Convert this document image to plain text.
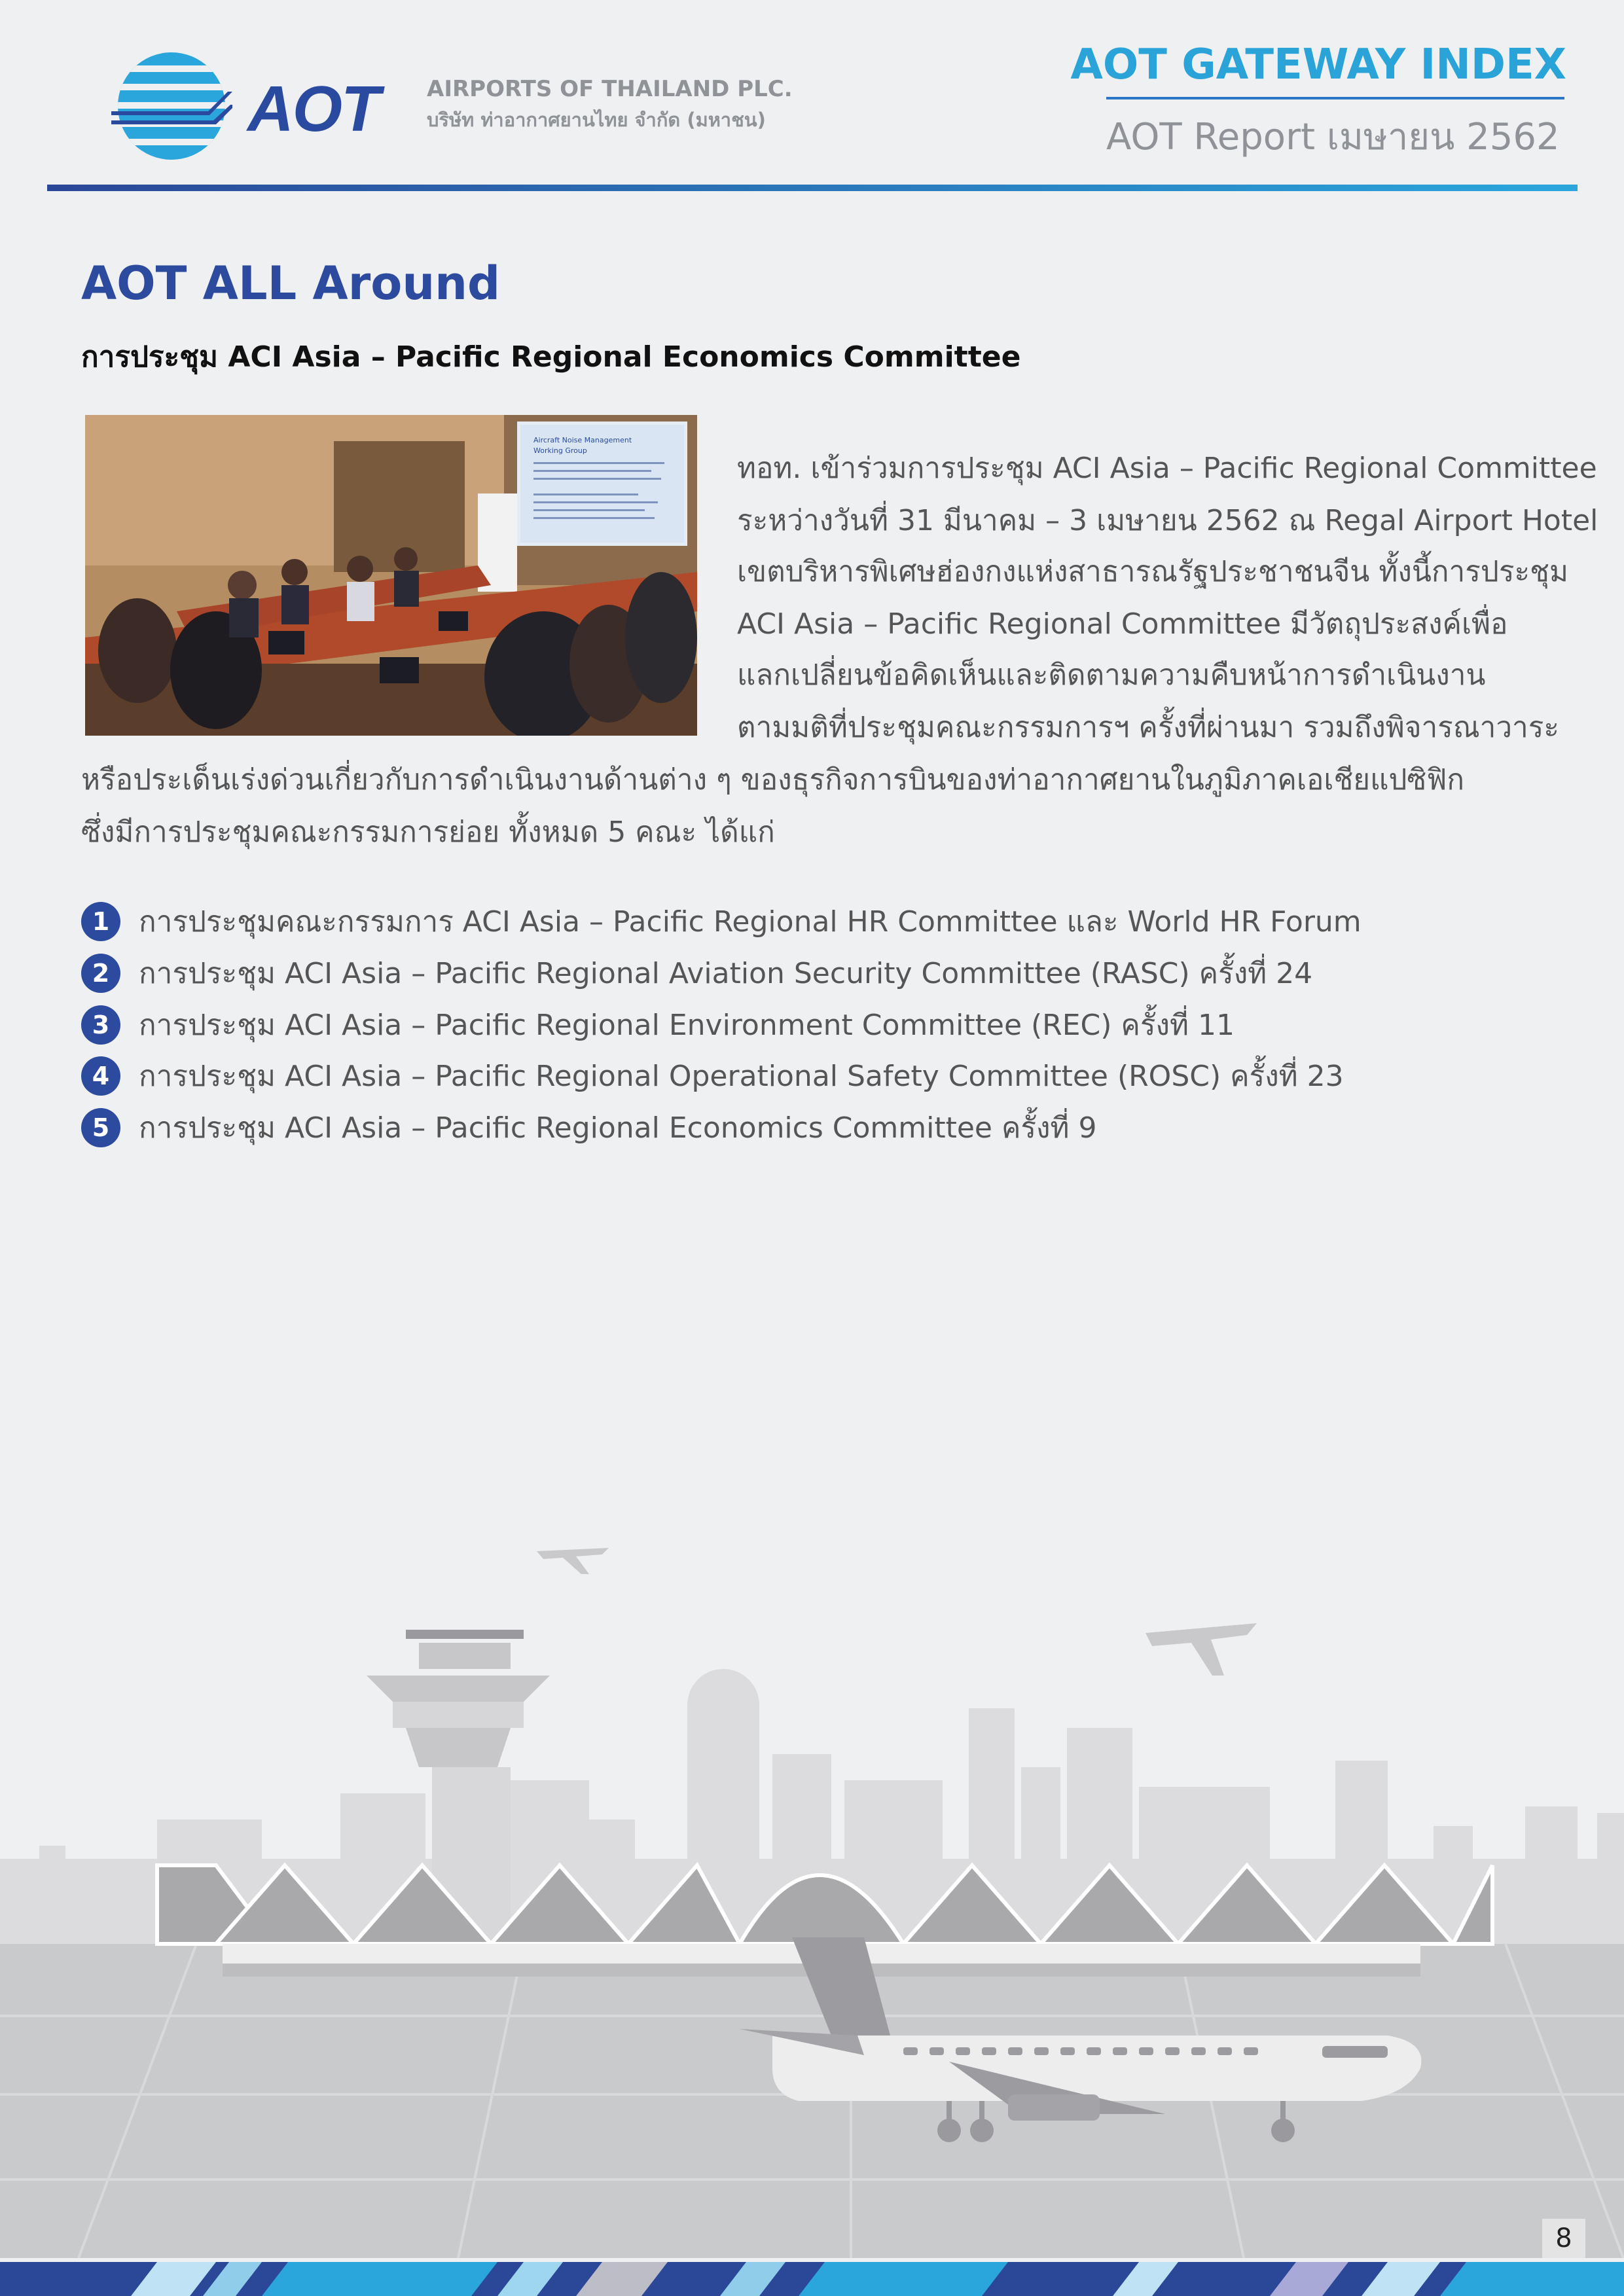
AOT AIRPORTS OF THAILAND PLC.
บริษัท ท่าอากาศยานไทย จำกัด (มหาชน)
AOT GATEWAY INDEX
AOT Report เมษายน 2562
AOT ALL Around
การประชุม ACI Asia – Pacific Regional Economics Committee
Aircraft Noise Management
Working Group
ทอท. เข้าร่วมการประชุม ACI Asia – Pacific Regional Committee
ระหว่างวันที่ 31 มีนาคม – 3 เมษายน 2562 ณ Regal Airport Hotel
เขตบริหารพิเศษฮ่องกงแห่งสาธารณรัฐประชาชนจีน ทั้งนี้การประชุม
ACI Asia – Pacific Regional Committee มีวัตถุประสงค์เพื่อ
แลกเปลี่ยนข้อคิดเห็นและติดตามความคืบหน้าการดำเนินงาน
ตามมติที่ประชุมคณะกรรมการฯ ครั้งที่ผ่านมา รวมถึงพิจารณาวาระ
หรือประเด็นเร่งด่วนเกี่ยวกับการดำเนินงานด้านต่าง ๆ ของธุรกิจการบินของท่าอากาศยานในภูมิภาคเอเชียแปซิฟิก
ซึ่งมีการประชุมคณะกรรมการย่อย ทั้งหมด 5 คณะ ได้แก่
1	การประชุมคณะกรรมการ ACI Asia – Pacific Regional HR Committee และ World HR Forum
2	การประชุม ACI Asia – Pacific Regional Aviation Security Committee (RASC) ครั้งที่ 24
3	การประชุม ACI Asia – Pacific Regional Environment Committee (REC) ครั้งที่ 11
4	การประชุม ACI Asia – Pacific Regional Operational Safety Committee (ROSC) ครั้งที่ 23
5	การประชุม ACI Asia – Pacific Regional Economics Committee ครั้งที่ 9
8
